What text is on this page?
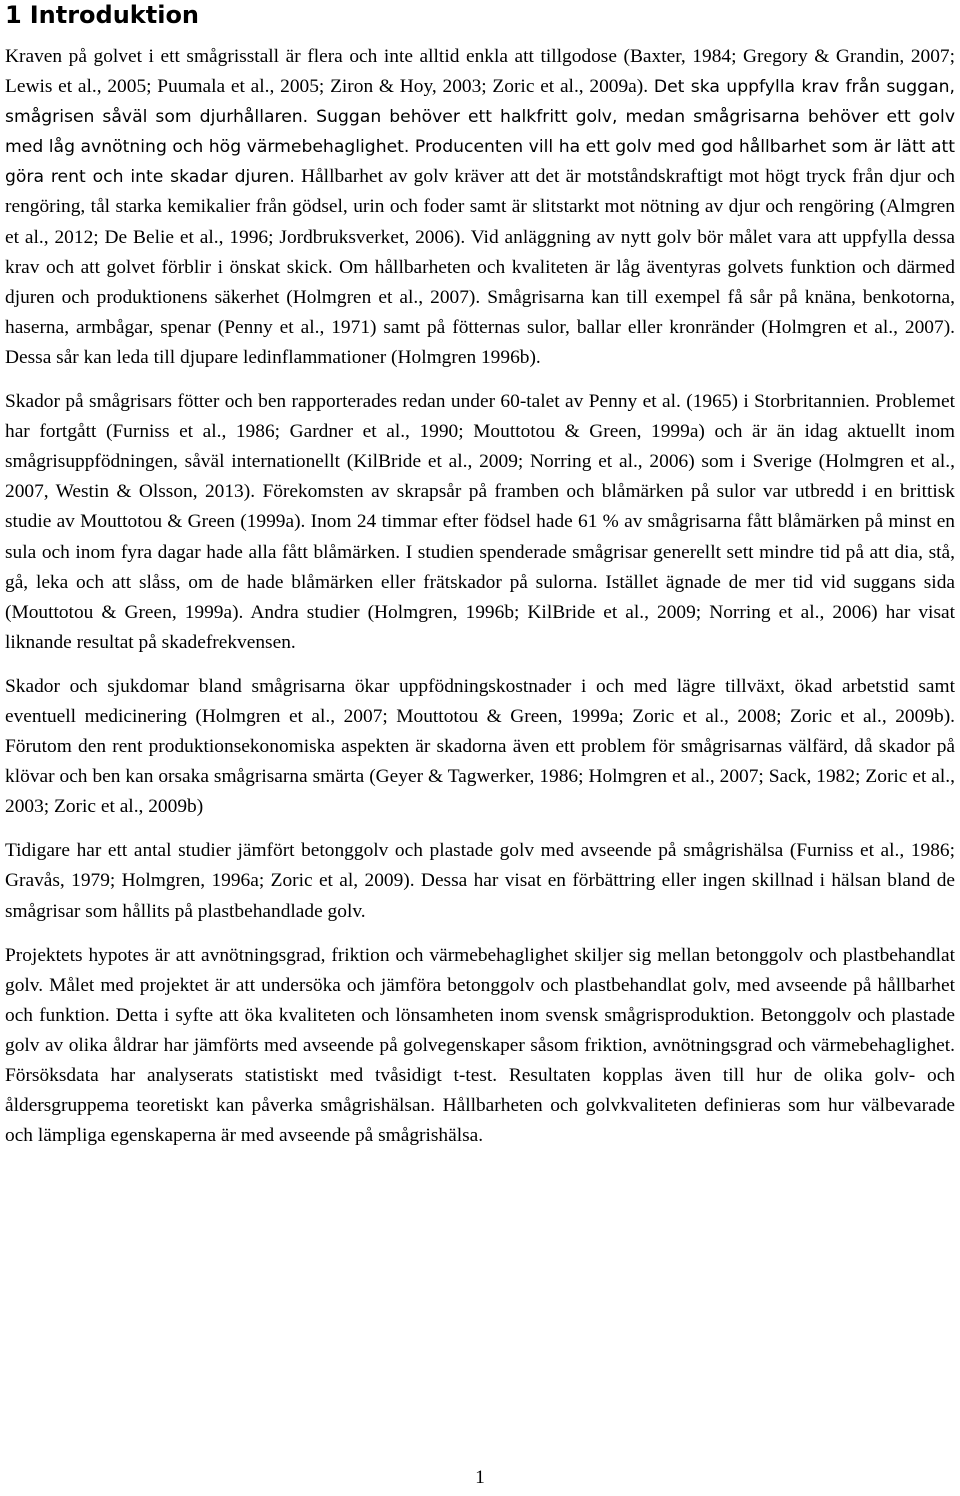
1 Introduktion

Kraven på golvet i ett smågrisstall är flera och inte alltid enkla att tillgodose (Baxter, 1984; Gregory & Grandin, 2007; Lewis et al., 2005; Puumala et al., 2005; Ziron & Hoy, 2003; Zoric et al., 2009a). Det ska uppfylla krav från suggan, smågrisen såväl som djurhållaren. Suggan behöver ett halkfritt golv, medan smågrisarna behöver ett golv med låg avnötning och hög värmebehaglighet. Producenten vill ha ett golv med god hållbarhet som är lätt att göra rent och inte skadar djuren. Hållbarhet av golv kräver att det är motståndskraftigt mot högt tryck från djur och rengöring, tål starka kemikalier från gödsel, urin och foder samt är slitstarkt mot nötning av djur och rengöring (Almgren et al., 2012; De Belie et al., 1996; Jordbruksverket, 2006). Vid anläggning av nytt golv bör målet vara att uppfylla dessa krav och att golvet förblir i önskat skick. Om hållbarheten och kvaliteten är låg äventyras golvets funktion och därmed djuren och produktionens säkerhet (Holmgren et al., 2007). Smågrisarna kan till exempel få sår på knäna, benkotorna, haserna, armbågar, spenar (Penny et al., 1971) samt på fötternas sulor, ballar eller kronränder (Holmgren et al., 2007). Dessa sår kan leda till djupare ledinflammationer (Holmgren 1996b).

Skador på smågrisars fötter och ben rapporterades redan under 60-talet av Penny et al. (1965) i Storbritannien. Problemet har fortgått (Furniss et al., 1986; Gardner et al., 1990; Mouttotou & Green, 1999a) och är än idag aktuellt inom smågrisuppfödningen, såväl internationellt (KilBride et al., 2009; Norring et al., 2006) som i Sverige (Holmgren et al., 2007, Westin & Olsson, 2013). Förekomsten av skrapsår på framben och blåmärken på sulor var utbredd i en brittisk studie av Mouttotou & Green (1999a). Inom 24 timmar efter födsel hade 61 % av smågrisarna fått blåmärken på minst en sula och inom fyra dagar hade alla fått blåmärken. I studien spenderade smågrisar generellt sett mindre tid på att dia, stå, gå, leka och att slåss, om de hade blåmärken eller frätskador på sulorna. Istället ägnade de mer tid vid suggans sida (Mouttotou & Green, 1999a). Andra studier (Holmgren, 1996b; KilBride et al., 2009; Norring et al., 2006) har visat liknande resultat på skadefrekvensen.

Skador och sjukdomar bland smågrisarna ökar uppfödningskostnader i och med lägre tillväxt, ökad arbetstid samt eventuell medicinering (Holmgren et al., 2007; Mouttotou & Green, 1999a; Zoric et al., 2008; Zoric et al., 2009b). Förutom den rent produktionsekonomiska aspekten är skadorna även ett problem för smågrisarnas välfärd, då skador på klövar och ben kan orsaka smågrisarna smärta (Geyer & Tagwerker, 1986; Holmgren et al., 2007; Sack, 1982; Zoric et al., 2003; Zoric et al., 2009b)

Tidigare har ett antal studier jämfört betonggolv och plastade golv med avseende på smågrishälsa (Furniss et al., 1986; Gravås, 1979; Holmgren, 1996a; Zoric et al, 2009). Dessa har visat en förbättring eller ingen skillnad i hälsan bland de smågrisar som hållits på plastbehandlade golv.

Projektets hypotes är att avnötningsgrad, friktion och värmebehaglighet skiljer sig mellan betonggolv och plastbehandlat golv. Målet med projektet är att undersöka och jämföra betonggolv och plastbehandlat golv, med avseende på hållbarhet och funktion. Detta i syfte att öka kvaliteten och lönsamheten inom svensk smågrisproduktion. Betonggolv och plastade golv av olika åldrar har jämförts med avseende på golvegenskaper såsom friktion, avnötningsgrad och värmebehaglighet. Försöksdata har analyserats statistiskt med tvåsidigt t-test. Resultaten kopplas även till hur de olika golv- och åldersgruppema teoretiskt kan påverka smågrishälsan. Hållbarheten och golvkvaliteten definieras som hur välbevarade och lämpliga egenskaperna är med avseende på smågrishälsa.

1
